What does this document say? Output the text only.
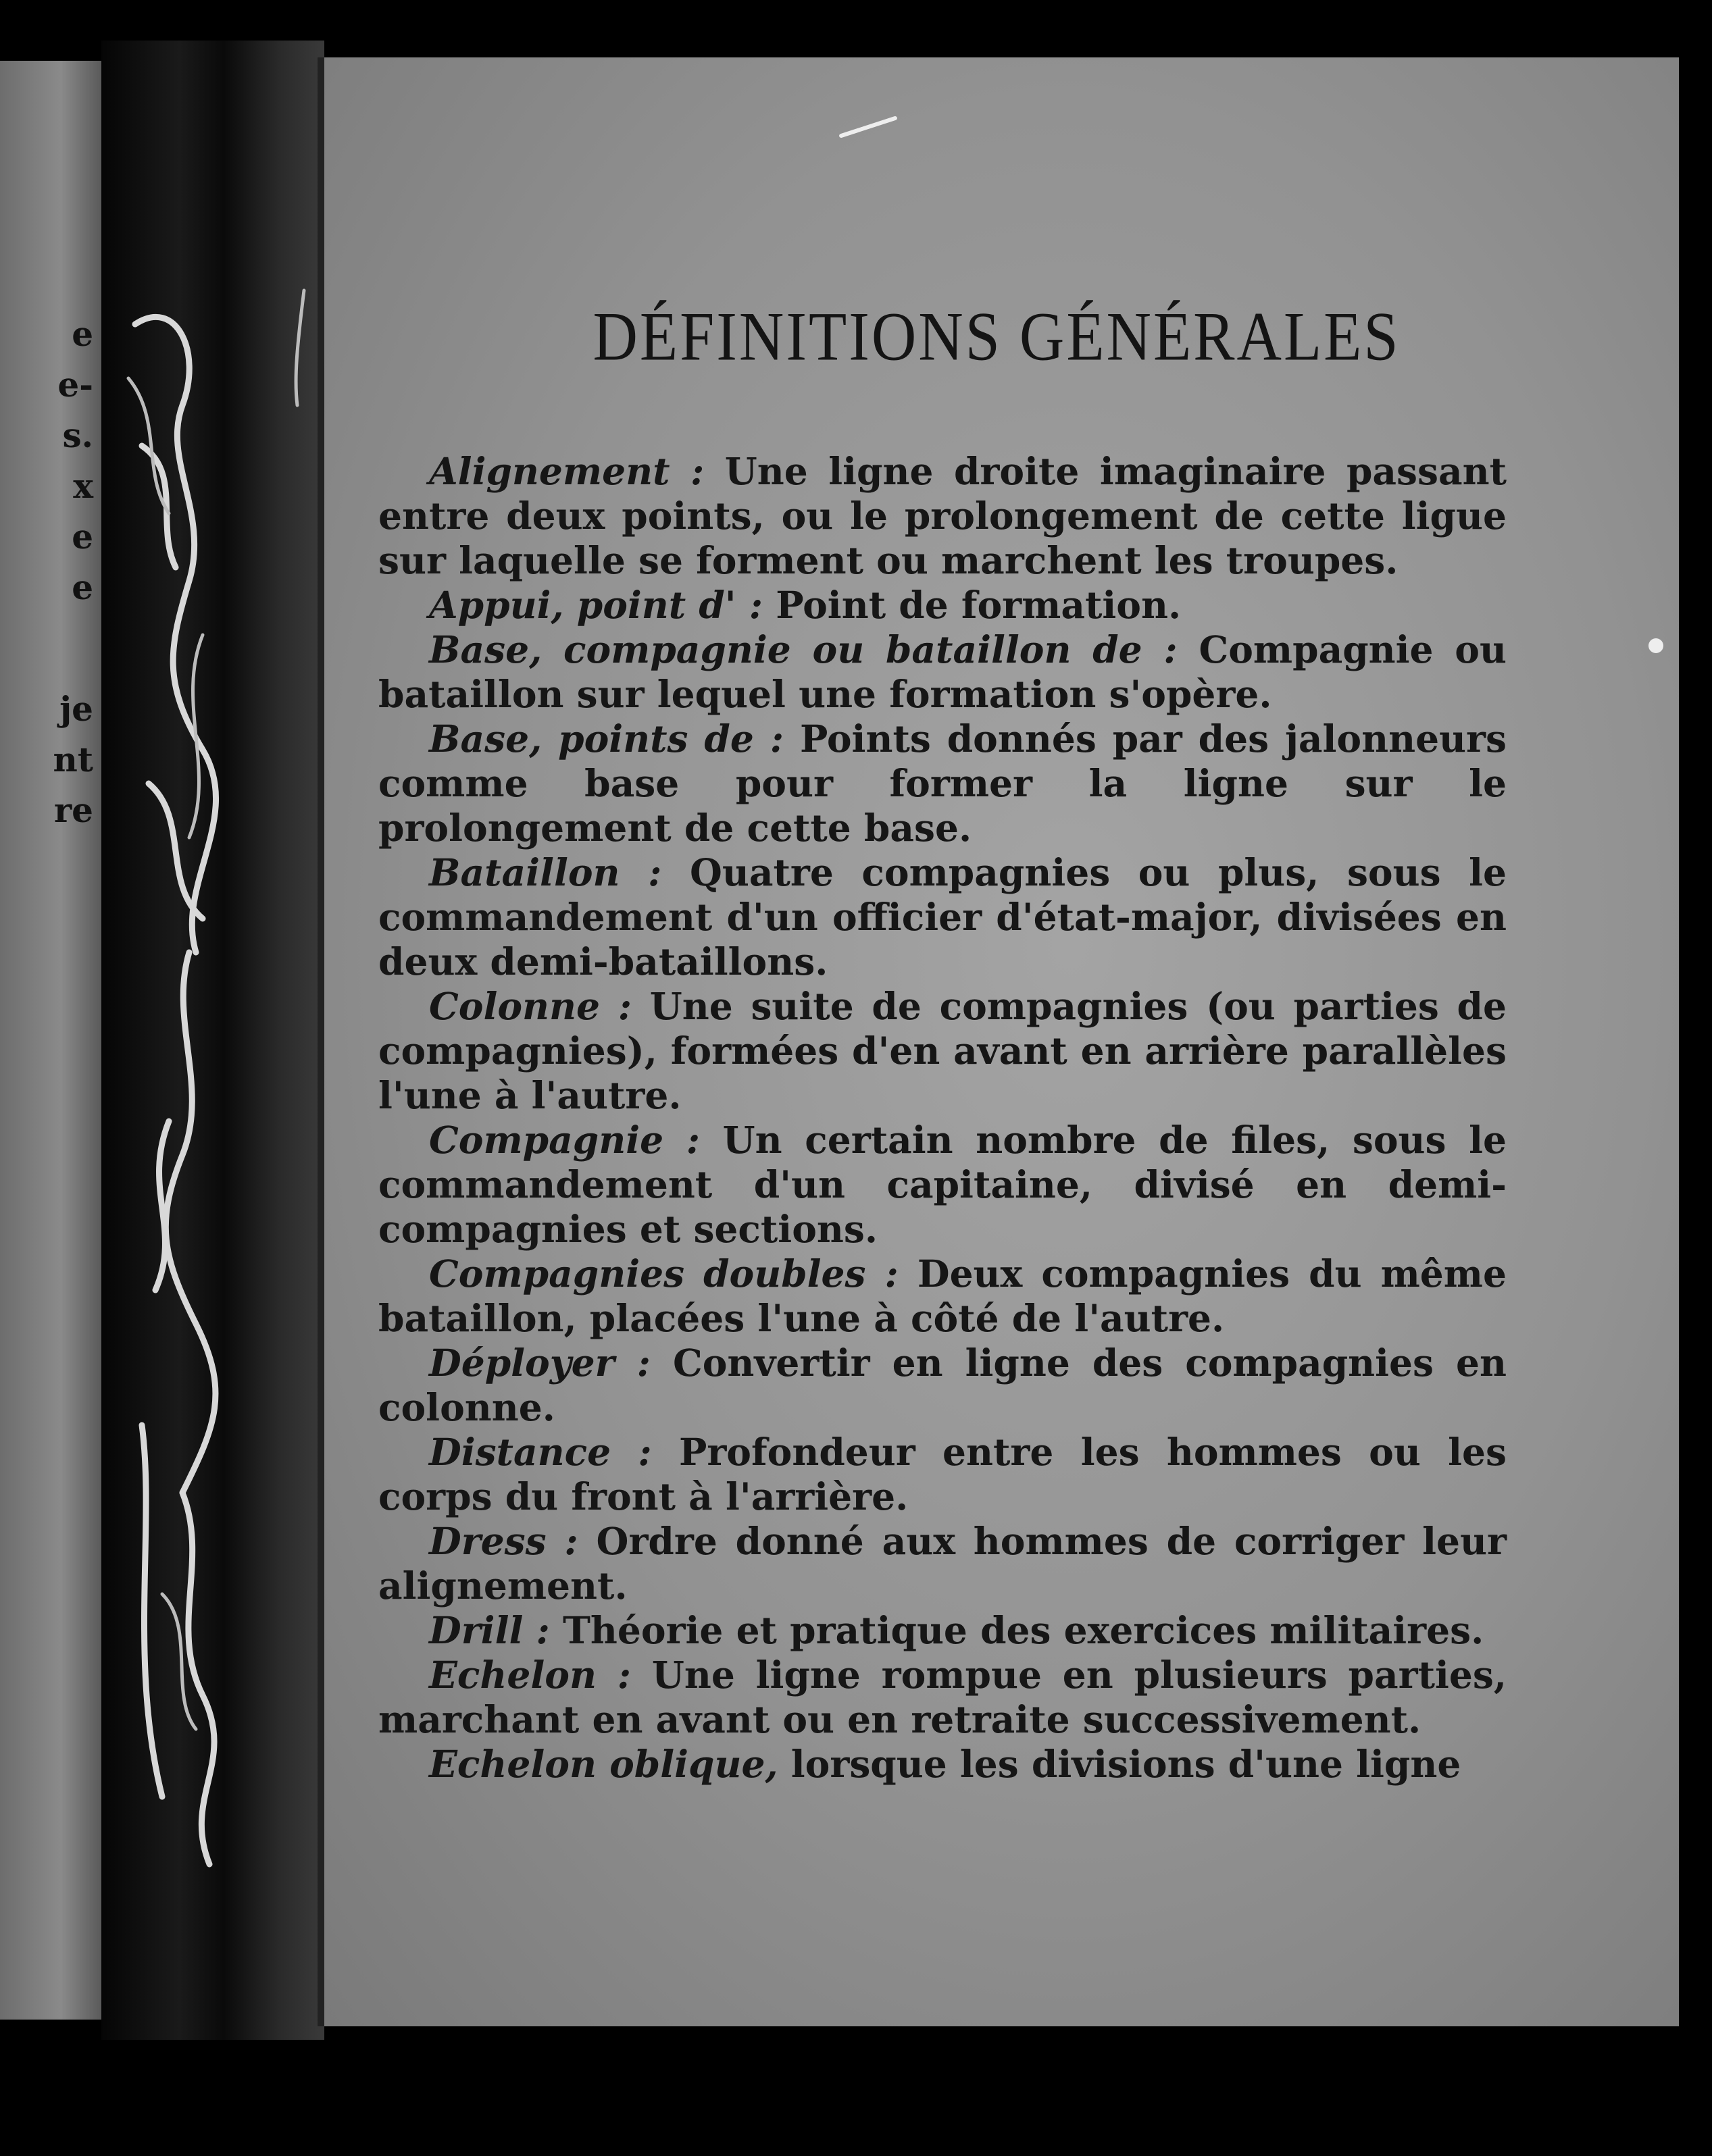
e
e-
s.
x
e
e
je
nt
re
DÉFINITIONS GÉNÉRALES
Alignement : Une ligne droite imaginaire passant entre deux points, ou le prolongement de cette ligue sur laquelle se forment ou marchent les troupes.
Appui, point d' : Point de formation.
Base, compagnie ou bataillon de : Compagnie ou bataillon sur lequel une formation s'opère.
Base, points de : Points donnés par des jalonneurs comme base pour former la ligne sur le prolongement de cette base.
Bataillon : Quatre compagnies ou plus, sous le commandement d'un officier d'état-major, divisées en deux demi-bataillons.
Colonne : Une suite de compagnies (ou parties de compagnies), formées d'en avant en arrière parallèles l'une à l'autre.
Compagnie : Un certain nombre de files, sous le commandement d'un capitaine, divisé en demi-compagnies et sections.
Compagnies doubles : Deux compagnies du même bataillon, placées l'une à côté de l'autre.
Déployer : Convertir en ligne des compagnies en colonne.
Distance : Profondeur entre les hommes ou les corps du front à l'arrière.
Dress : Ordre donné aux hommes de corriger leur alignement.
Drill : Théorie et pratique des exercices militaires.
Echelon : Une ligne rompue en plusieurs parties, marchant en avant ou en retraite successivement.
Echelon oblique, lorsque les divisions d'une ligne
